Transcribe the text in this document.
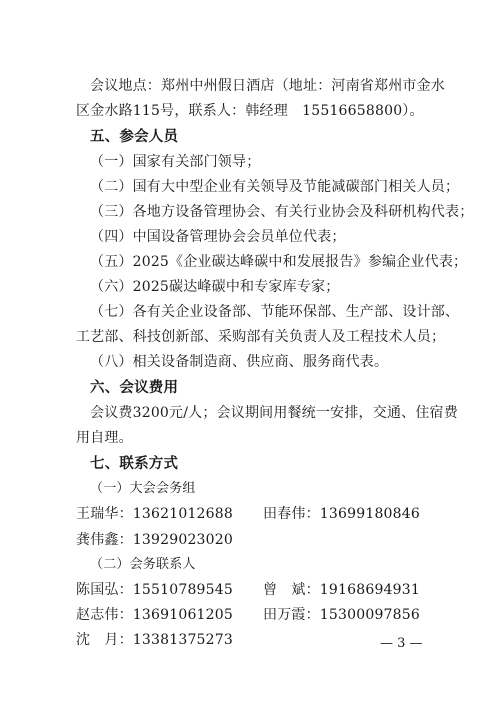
会议地点：郑州中州假日酒店（地址：河南省郑州市金水
区金水路115号，联系人：韩经理　15516658800）。
五、参会人员
（一）国家有关部门领导；
（二）国有大中型企业有关领导及节能减碳部门相关人员；
（三）各地方设备管理协会、有关行业协会及科研机构代表；
（四）中国设备管理协会会员单位代表；
（五）2025《企业碳达峰碳中和发展报告》参编企业代表；
（六）2025碳达峰碳中和专家库专家；
（七）各有关企业设备部、节能环保部、生产部、设计部、
工艺部、科技创新部、采购部有关负责人及工程技术人员；
（八）相关设备制造商、供应商、服务商代表。
六、会议费用
会议费3200元/人；会议期间用餐统一安排，交通、住宿费
用自理。
七、联系方式
（一）大会会务组
王瑞华：13621012688 田春伟：13699180846
龚伟鑫：13929023020
（二）会务联系人
陈国弘：15510789545 曾　斌：19168694931
赵志伟：13691061205 田万霞：15300097856
沈　月：13381375273	— 3 —
